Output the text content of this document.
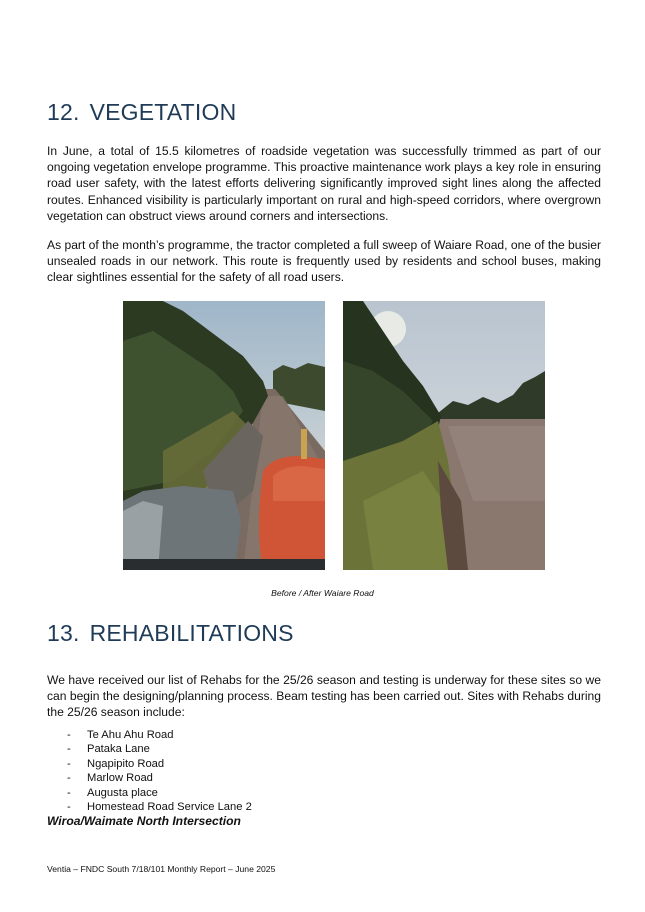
12. VEGETATION

In June, a total of 15.5 kilometres of roadside vegetation was successfully trimmed as part of our ongoing vegetation envelope programme. This proactive maintenance work plays a key role in ensuring road user safety, with the latest efforts delivering significantly improved sight lines along the affected routes. Enhanced visibility is particularly important on rural and high-speed corridors, where overgrown vegetation can obstruct views around corners and intersections.

As part of the month’s programme, the tractor completed a full sweep of Waiare Road, one of the busier unsealed roads in our network. This route is frequently used by residents and school buses, making clear sightlines essential for the safety of all road users.

Before / After Waiare Road

13. REHABILITATIONS

We have received our list of Rehabs for the 25/26 season and testing is underway for these sites so we can begin the designing/planning process. Beam testing has been carried out. Sites with Rehabs during the 25/26 season include:

- Te Ahu Ahu Road
- Pataka Lane
- Ngapipito Road
- Marlow Road
- Augusta place
- Homestead Road Service Lane 2

Wiroa/Waimate North Intersection

Ventia – FNDC South 7/18/101 Monthly Report – June 2025
